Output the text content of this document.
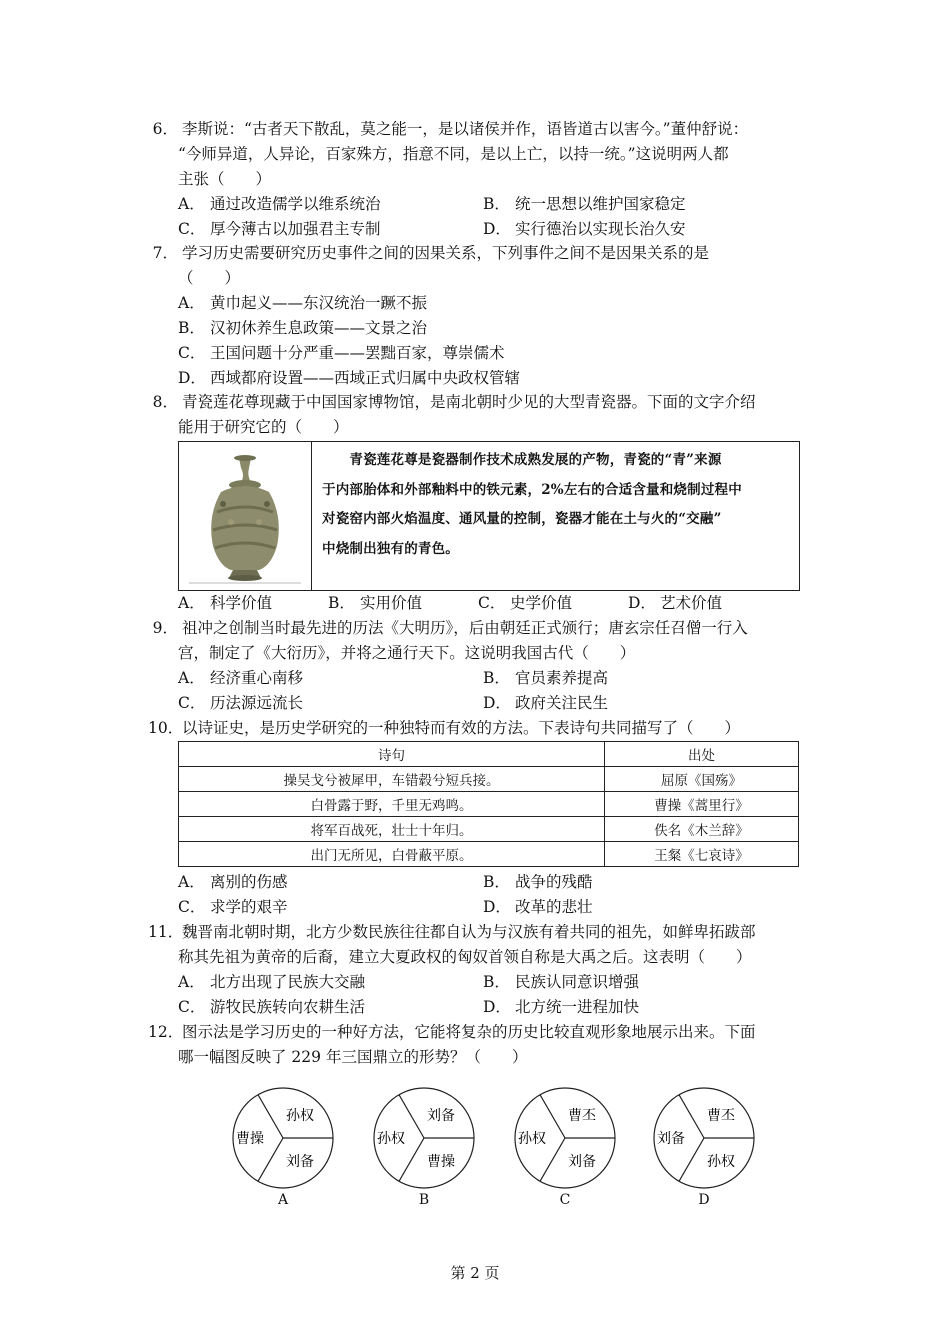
6． 李斯说：“古者天下散乱，莫之能一，是以诸侯并作，语皆道古以害今。”董仲舒说：
“今师异道，人异论，百家殊方，指意不同，是以上亡，以持一统。”这说明两人都
主张（　　）
A． 通过改造儒学以维系统治	B． 统一思想以维护国家稳定
C． 厚今薄古以加强君主专制	D． 实行德治以实现长治久安
7． 学习历史需要研究历史事件之间的因果关系，下列事件之间不是因果关系的是
（　　）
A． 黄巾起义——东汉统治一蹶不振
B． 汉初休养生息政策——文景之治
C． 王国问题十分严重——罢黜百家，尊崇儒术
D． 西域都府设置——西域正式归属中央政权管辖
8． 青瓷莲花尊现藏于中国国家博物馆，是南北朝时少见的大型青瓷器。下面的文字介绍
能用于研究它的（　　）
　　青瓷莲花尊是瓷器制作技术成熟发展的产物，青瓷的“青”来源
于内部胎体和外部釉料中的铁元素，2%左右的合适含量和烧制过程中
对瓷窑内部火焰温度、通风量的控制，瓷器才能在土与火的“交融”
中烧制出独有的青色。
A． 科学价值	B． 实用价值	C． 史学价值	D． 艺术价值
9． 祖冲之创制当时最先进的历法《大明历》，后由朝廷正式颁行；唐玄宗任召僧一行入
宫，制定了《大衍历》，并将之通行天下。这说明我国古代（　　）
A． 经济重心南移	B． 官员素养提高
C． 历法源远流长	D． 政府关注民生
10．以诗证史，是历史学研究的一种独特而有效的方法。下表诗句共同描写了（　　）
诗句	出处
操吴戈兮被犀甲，车错毂兮短兵接。	屈原《国殇》
白骨露于野，千里无鸡鸣。	曹操《蒿里行》
将军百战死，壮士十年归。	佚名《木兰辞》
出门无所见，白骨蔽平原。	王粲《七哀诗》
A． 离别的伤感	B． 战争的残酷
C． 求学的艰辛	D． 改革的悲壮
11．魏晋南北朝时期，北方少数民族往往都自认为与汉族有着共同的祖先，如鲜卑拓跋部
称其先祖为黄帝的后裔，建立大夏政权的匈奴首领自称是大禹之后。这表明（　　）
A． 北方出现了民族大交融	B． 民族认同意识增强
C． 游牧民族转向农耕生活	D． 北方统一进程加快
12．图示法是学习历史的一种好方法，它能将复杂的历史比较直观形象地展示出来。下面
哪一幅图反映了 229 年三国鼎立的形势？（　　）
曹操
孙权
刘备
A
孙权
刘备
曹操
B
孙权
曹丕
刘备
C
刘备
曹丕
孙权
D
第 2 页
